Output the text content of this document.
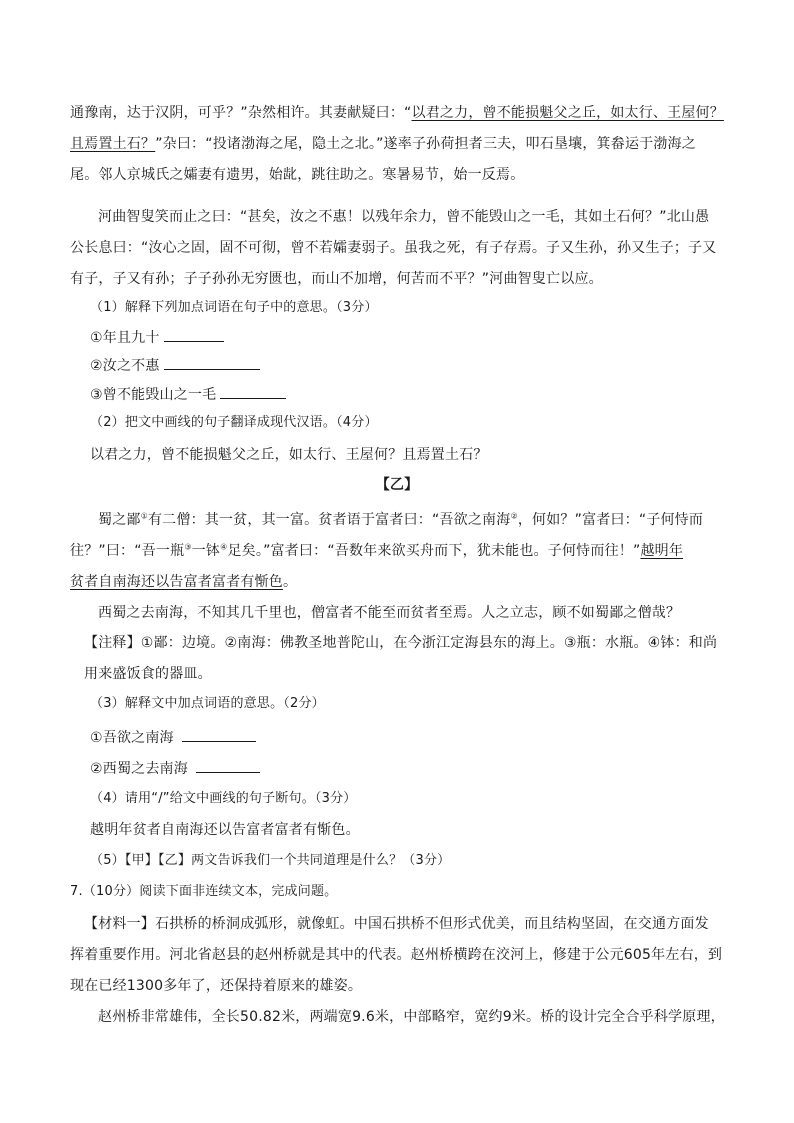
通豫南，达于汉阴，可乎？”杂然相许。其妻献疑曰：“以君之力，曾不能损魁父之丘，如太行、王屋何？
且焉置土石？”杂曰：“投诸渤海之尾，隐土之北。”遂率子孙荷担者三夫，叩石垦壤，箕畚运于渤海之
尾。邻人京城氏之孀妻有遗男，始龀，跳往助之。寒暑易节，始一反焉。
河曲智叟笑而止之曰：“甚矣，汝之不惠！以残年余力，曾不能毁山之一毛，其如土石何？”北山愚
公长息曰：“汝心之固，固不可彻，曾不若孀妻弱子。虽我之死，有子存焉。子又生孙，孙又生子；子又
有子，子又有孙；子子孙孙无穷匮也，而山不加增，何苦而不平？”河曲智叟亡以应。
（1）解释下列加点词语在句子中的意思。（3分）
①年且九十
②汝之不惠
③曾不能毁山之一毛
（2）把文中画线的句子翻译成现代汉语。（4分）
以君之力，曾不能损魁父之丘，如太行、王屋何？且焉置土石？
【乙】
蜀之鄙①有二僧：其一贫，其一富。贫者语于富者曰：“吾欲之南海②，何如？”富者曰：“子何恃而
往？”曰：“吾一瓶③一钵④足矣。”富者曰：“吾数年来欲买舟而下，犹未能也。子何恃而往！”越明年
贫者自南海还以告富者富者有惭色。
西蜀之去南海，不知其几千里也，僧富者不能至而贫者至焉。人之立志，顾不如蜀鄙之僧哉？
【注释】①鄙：边境。②南海：佛教圣地普陀山，在今浙江定海县东的海上。③瓶：水瓶。④钵：和尚
用来盛饭食的器皿。
（3）解释文中加点词语的意思。（2分）
①吾欲之南海
②西蜀之去南海
（4）请用“/”给文中画线的句子断句。（3分）
越明年贫者自南海还以告富者富者有惭色。
（5）【甲】【乙】两文告诉我们一个共同道理是什么？（3分）
7.（10分）阅读下面非连续文本，完成问题。
【材料一】石拱桥的桥洞成弧形，就像虹。中国石拱桥不但形式优美，而且结构坚固，在交通方面发
挥着重要作用。河北省赵县的赵州桥就是其中的代表。赵州桥横跨在洨河上，修建于公元605年左右，到
现在已经1300多年了，还保持着原来的雄姿。
赵州桥非常雄伟，全长50.82米，两端宽9.6米，中部略窄，宽约9米。桥的设计完全合乎科学原理，
